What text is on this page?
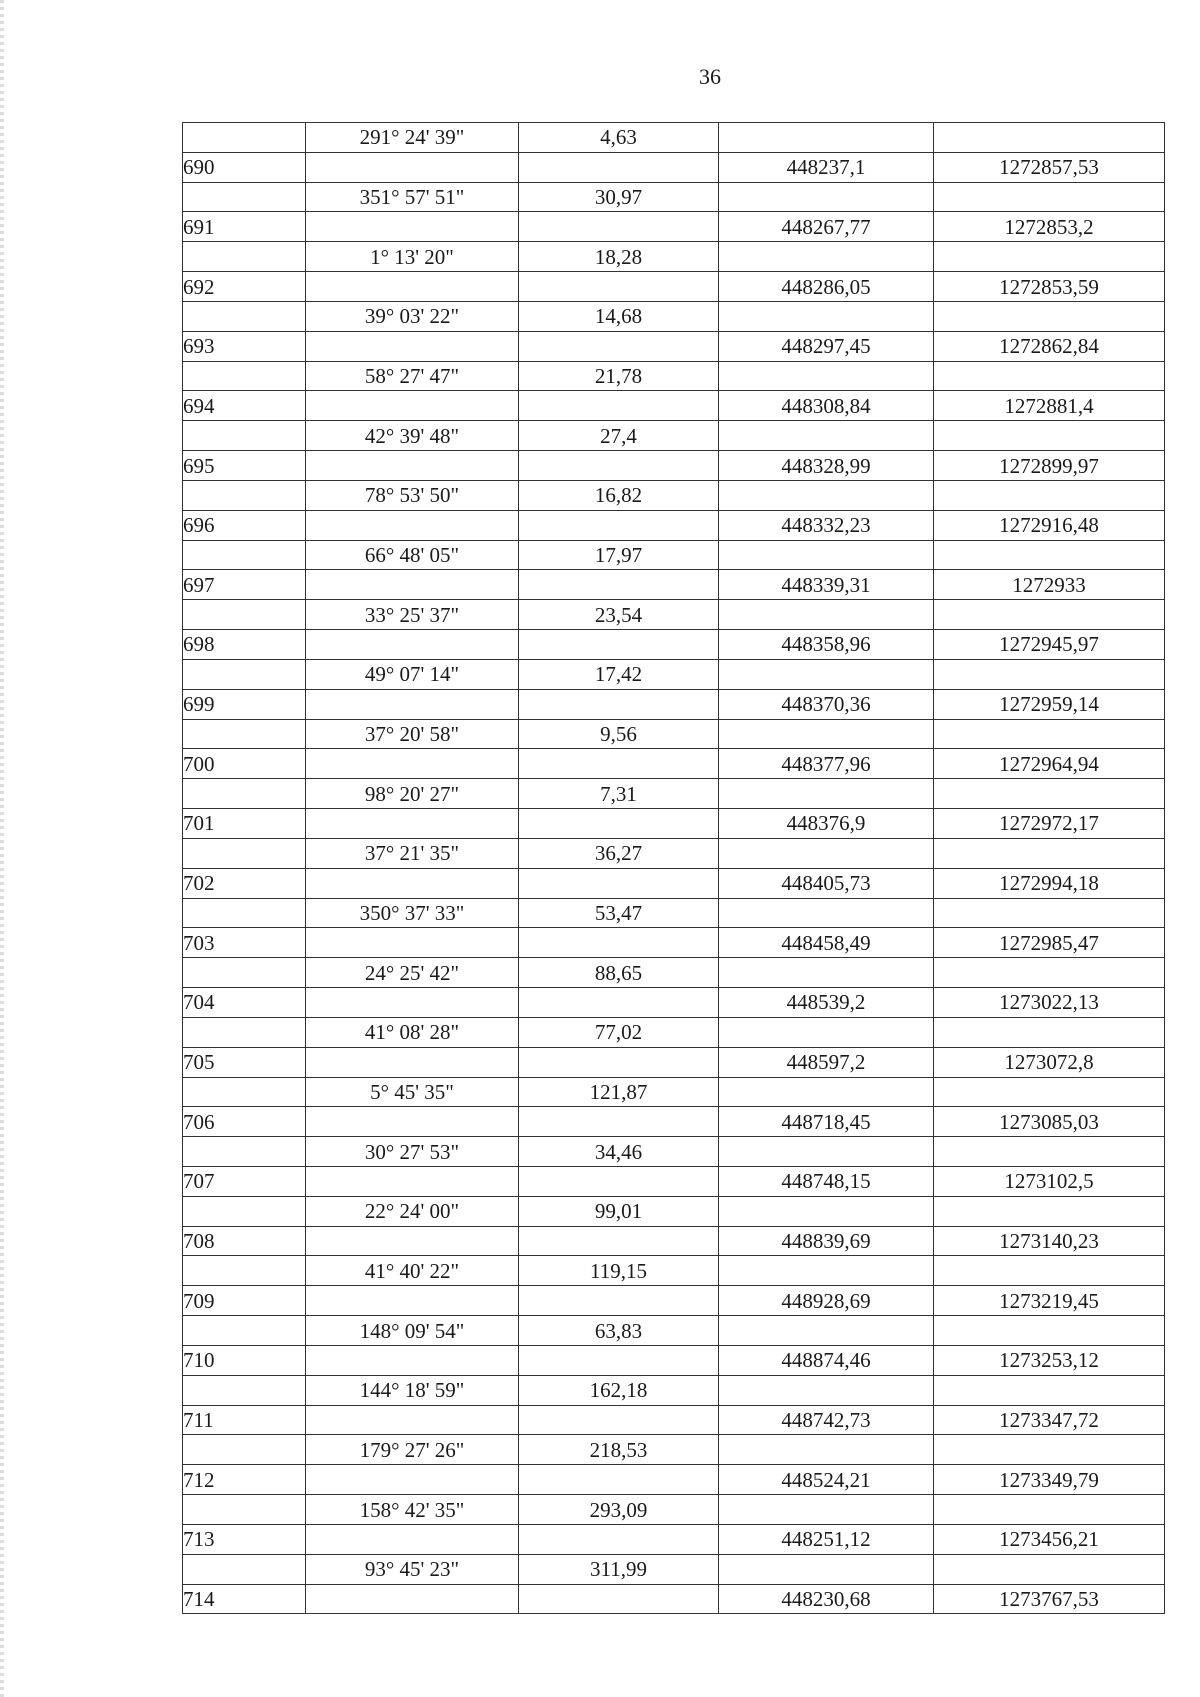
36
	291° 24' 39"	4,63		
690			448237,1	1272857,53
	351° 57' 51"	30,97		
691			448267,77	1272853,2
	1° 13' 20"	18,28		
692			448286,05	1272853,59
	39° 03' 22"	14,68		
693			448297,45	1272862,84
	58° 27' 47"	21,78		
694			448308,84	1272881,4
	42° 39' 48"	27,4		
695			448328,99	1272899,97
	78° 53' 50"	16,82		
696			448332,23	1272916,48
	66° 48' 05"	17,97		
697			448339,31	1272933
	33° 25' 37"	23,54		
698			448358,96	1272945,97
	49° 07' 14"	17,42		
699			448370,36	1272959,14
	37° 20' 58"	9,56		
700			448377,96	1272964,94
	98° 20' 27"	7,31		
701			448376,9	1272972,17
	37° 21' 35"	36,27		
702			448405,73	1272994,18
	350° 37' 33"	53,47		
703			448458,49	1272985,47
	24° 25' 42"	88,65		
704			448539,2	1273022,13
	41° 08' 28"	77,02		
705			448597,2	1273072,8
	5° 45' 35"	121,87		
706			448718,45	1273085,03
	30° 27' 53"	34,46		
707			448748,15	1273102,5
	22° 24' 00"	99,01		
708			448839,69	1273140,23
	41° 40' 22"	119,15		
709			448928,69	1273219,45
	148° 09' 54"	63,83		
710			448874,46	1273253,12
	144° 18' 59"	162,18		
711			448742,73	1273347,72
	179° 27' 26"	218,53		
712			448524,21	1273349,79
	158° 42' 35"	293,09		
713			448251,12	1273456,21
	93° 45' 23"	311,99		
714			448230,68	1273767,53
